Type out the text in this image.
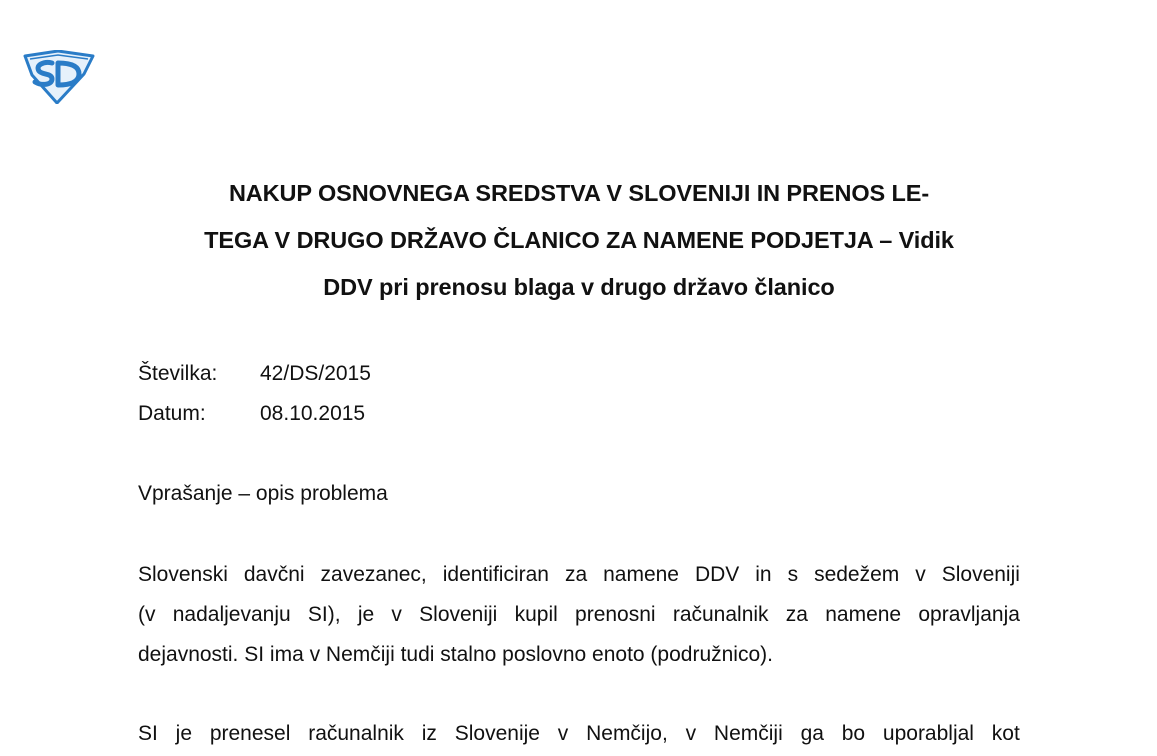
NAKUP OSNOVNEGA SREDSTVA V SLOVENIJI IN PRENOS LE-
TEGA V DRUGO DRŽAVO ČLANICO ZA NAMENE PODJETJA – Vidik
DDV pri prenosu blaga v drugo državo članico
Številka:	42/DS/2015
Datum:	08.10.2015
Vprašanje – opis problema
Slovenski davčni zavezanec, identificiran za namene DDV in s sedežem v Sloveniji
(v nadaljevanju SI), je v Sloveniji kupil prenosni računalnik za namene opravljanja
dejavnosti. SI ima v Nemčiji tudi stalno poslovno enoto (podružnico).
SI je prenesel računalnik iz Slovenije v Nemčijo, v Nemčiji ga bo uporabljal kot
